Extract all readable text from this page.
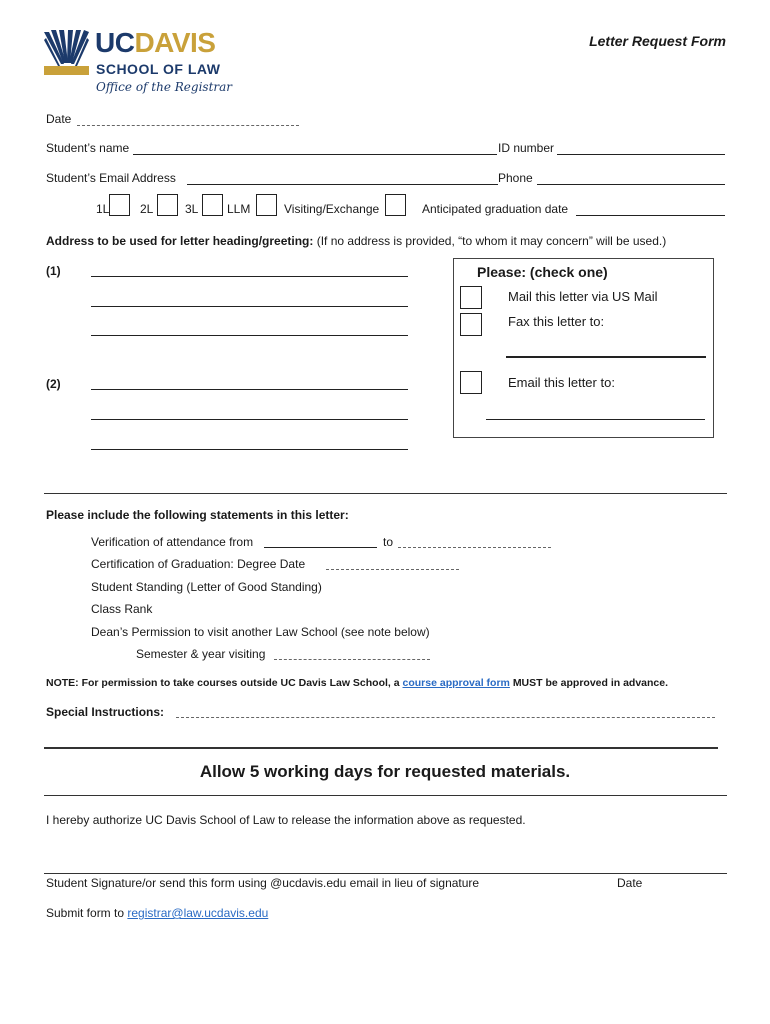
UCDAVIS
SCHOOL OF LAW
Office of the Registrar
Letter Request Form
Date
Student’s name	ID number
Student’s Email Address	Phone
1L	2L	3L LLM	Visiting/Exchange	Anticipated graduation date
Address to be used for letter heading/greeting: (If no address is provided, “to whom it may concern” will be used.)
(1)
(2)
Please: (check one)
Mail this letter via US Mail
Fax this letter to:
Email this letter to:
Please include the following statements in this letter:
Verification of attendance from	to
Certification of Graduation: Degree Date
Student Standing (Letter of Good Standing)
Class Rank
Dean’s Permission to visit another Law School (see note below)
Semester & year visiting
NOTE: For permission to take courses outside UC Davis Law School, a course approval form MUST be approved in advance.
Special Instructions:
Allow 5 working days for requested materials.
I hereby authorize UC Davis School of Law to release the information above as requested.
Student Signature/or send this form using @ucdavis.edu email in lieu of signature	Date
Submit form to registrar@law.ucdavis.edu
